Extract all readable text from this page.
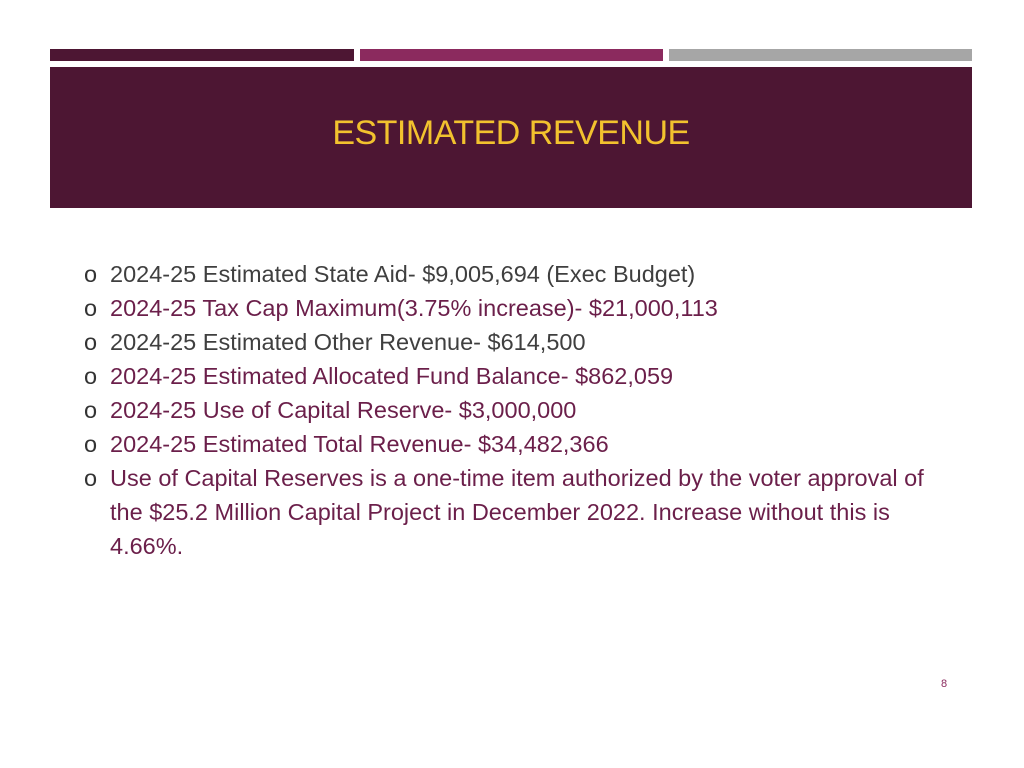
ESTIMATED REVENUE
o 2024-25 Estimated State Aid- $9,005,694 (Exec Budget)
o 2024-25 Tax Cap Maximum(3.75% increase)- $21,000,113
o 2024-25 Estimated Other Revenue- $614,500
o 2024-25 Estimated Allocated Fund Balance- $862,059
o 2024-25 Use of Capital Reserve- $3,000,000
o 2024-25 Estimated Total Revenue- $34,482,366
o Use of Capital Reserves is a one-time item authorized by the voter approval of the $25.2 Million Capital Project in December 2022. Increase without this is 4.66%.
8
